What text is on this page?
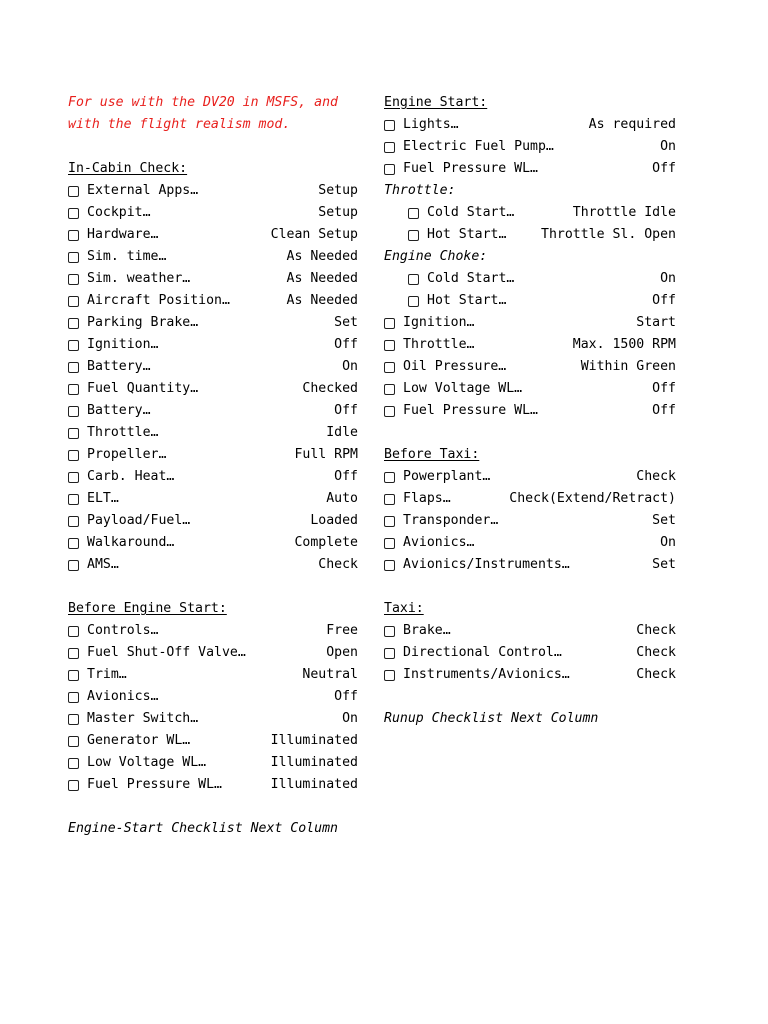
For use with the DV20 in MSFS, and
with the flight realism mod.
In-Cabin Check:
External Apps…	Setup
Cockpit…	Setup
Hardware…	Clean Setup
Sim. time…	As Needed
Sim. weather…	As Needed
Aircraft Position…	As Needed
Parking Brake…	Set
Ignition…	Off
Battery…	On
Fuel Quantity…	Checked
Battery…	Off
Throttle…	Idle
Propeller…	Full RPM
Carb. Heat…	Off
ELT…	Auto
Payload/Fuel…	Loaded
Walkaround…	Complete
AMS…	Check
Before Engine Start:
Controls…	Free
Fuel Shut-Off Valve…	Open
Trim…	Neutral
Avionics…	Off
Master Switch…	On
Generator WL…	Illuminated
Low Voltage WL…	Illuminated
Fuel Pressure WL…	Illuminated
Engine-Start Checklist Next Column
Engine Start:
Lights…	As required
Electric Fuel Pump…	On
Fuel Pressure WL…	Off
Throttle:
Cold Start…	Throttle Idle
Hot Start…	Throttle Sl. Open
Engine Choke:
Cold Start…	On
Hot Start…	Off
Ignition…	Start
Throttle…	Max. 1500 RPM
Oil Pressure…	Within Green
Low Voltage WL…	Off
Fuel Pressure WL…	Off
Before Taxi:
Powerplant…	Check
Flaps…	Check(Extend/Retract)
Transponder…	Set
Avionics…	On
Avionics/Instruments…	Set
Taxi:
Brake…	Check
Directional Control…	Check
Instruments/Avionics…	Check
Runup Checklist Next Column
